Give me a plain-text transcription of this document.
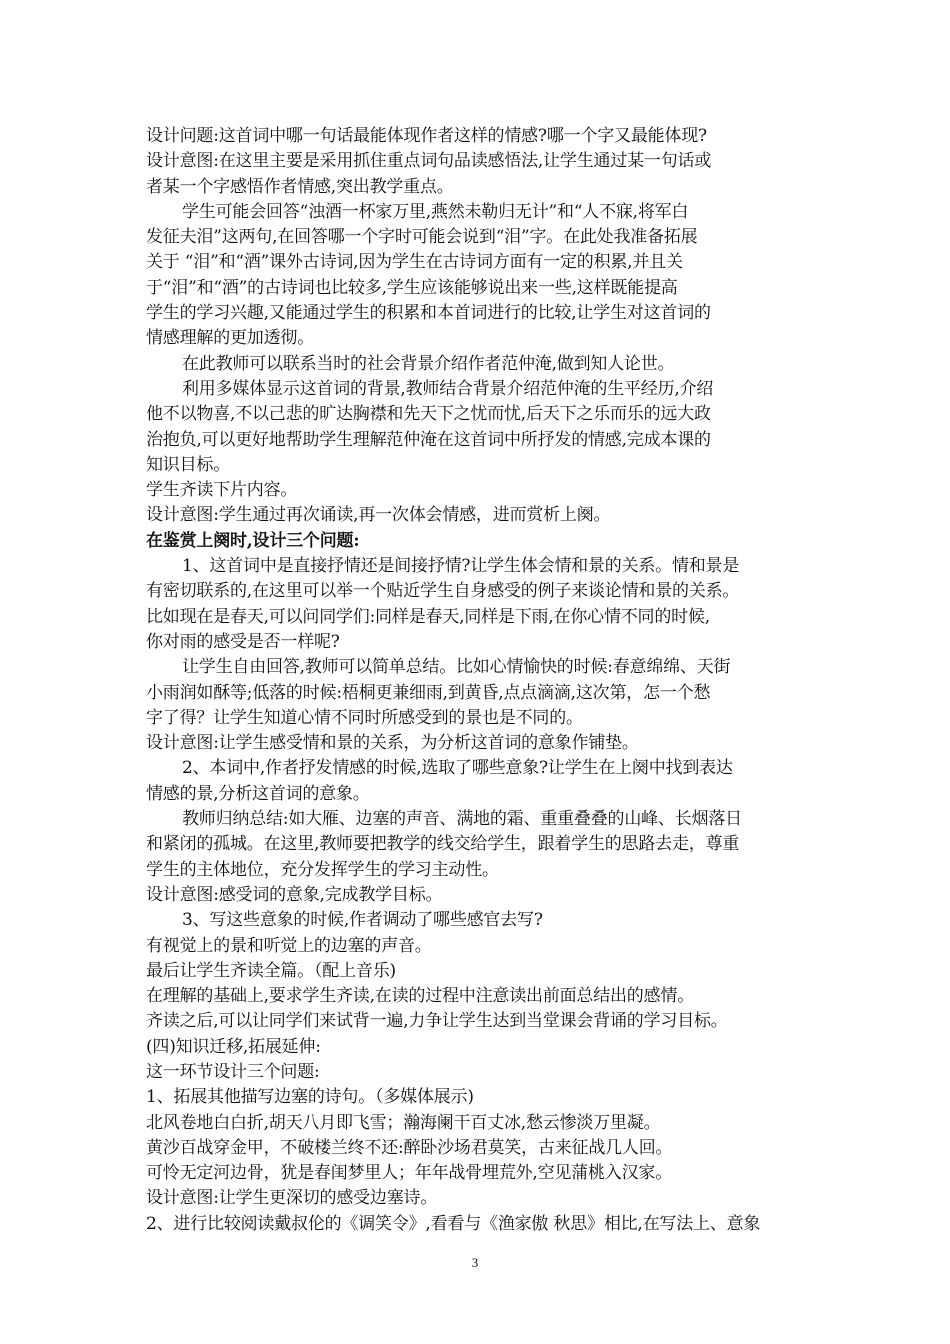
设计问题:这首词中哪一句话最能体现作者这样的情感?哪一个字又最能体现?
设计意图:在这里主要是采用抓住重点词句品读感悟法,让学生通过某一句话或
者某一个字感悟作者情感,突出教学重点。
学生可能会回答“浊酒一杯家万里,燕然未勒归无计”和“人不寐,将军白
发征夫泪”这两句,在回答哪一个字时可能会说到“泪”字。在此处我准备拓展
关于 “泪”和“酒”课外古诗词,因为学生在古诗词方面有一定的积累,并且关
于“泪”和“酒”的古诗词也比较多,学生应该能够说出来一些,这样既能提高
学生的学习兴趣,又能通过学生的积累和本首词进行的比较,让学生对这首词的
情感理解的更加透彻。
在此教师可以联系当时的社会背景介绍作者范仲淹,做到知人论世。
利用多媒体显示这首词的背景,教师结合背景介绍范仲淹的生平经历,介绍
他不以物喜,不以己悲的旷达胸襟和先天下之忧而忧,后天下之乐而乐的远大政
治抱负,可以更好地帮助学生理解范仲淹在这首词中所抒发的情感,完成本课的
知识目标。
学生齐读下片内容。
设计意图:学生通过再次诵读,再一次体会情感，进而赏析上阕。
在鉴赏上阕时,设计三个问题:
1、这首词中是直接抒情还是间接抒情?让学生体会情和景的关系。情和景是
有密切联系的,在这里可以举一个贴近学生自身感受的例子来谈论情和景的关系。
比如现在是春天,可以问同学们:同样是春天,同样是下雨,在你心情不同的时候,
你对雨的感受是否一样呢?
让学生自由回答,教师可以简单总结。比如心情愉快的时候:春意绵绵、天街
小雨润如酥等;低落的时候:梧桐更兼细雨,到黄昏,点点滴滴,这次第，怎一个愁
字了得？让学生知道心情不同时所感受到的景也是不同的。
设计意图:让学生感受情和景的关系，为分析这首词的意象作铺垫。
2、本词中,作者抒发情感的时候,选取了哪些意象?让学生在上阕中找到表达
情感的景,分析这首词的意象。
教师归纳总结:如大雁、边塞的声音、满地的霜、重重叠叠的山峰、长烟落日
和紧闭的孤城。在这里,教师要把教学的线交给学生，跟着学生的思路去走，尊重
学生的主体地位，充分发挥学生的学习主动性。
设计意图:感受词的意象,完成教学目标。
3、写这些意象的时候,作者调动了哪些感官去写?
有视觉上的景和听觉上的边塞的声音。
最后让学生齐读全篇。（配上音乐)
在理解的基础上,要求学生齐读,在读的过程中注意读出前面总结出的感情。
齐读之后,可以让同学们来试背一遍,力争让学生达到当堂课会背诵的学习目标。
(四)知识迁移,拓展延伸:
这一环节设计三个问题:
1、拓展其他描写边塞的诗句。（多媒体展示)
北风卷地白白折,胡天八月即飞雪；瀚海阑干百丈冰,愁云惨淡万里凝。
黄沙百战穿金甲，不破楼兰终不还:醉卧沙场君莫笑，古来征战几人回。
可怜无定河边骨，犹是春闺梦里人；年年战骨埋荒外,空见蒲桃入汉家。
设计意图:让学生更深切的感受边塞诗。
2、进行比较阅读戴叔伦的《调笑令》,看看与《渔家傲 秋思》相比,在写法上、意象
3
